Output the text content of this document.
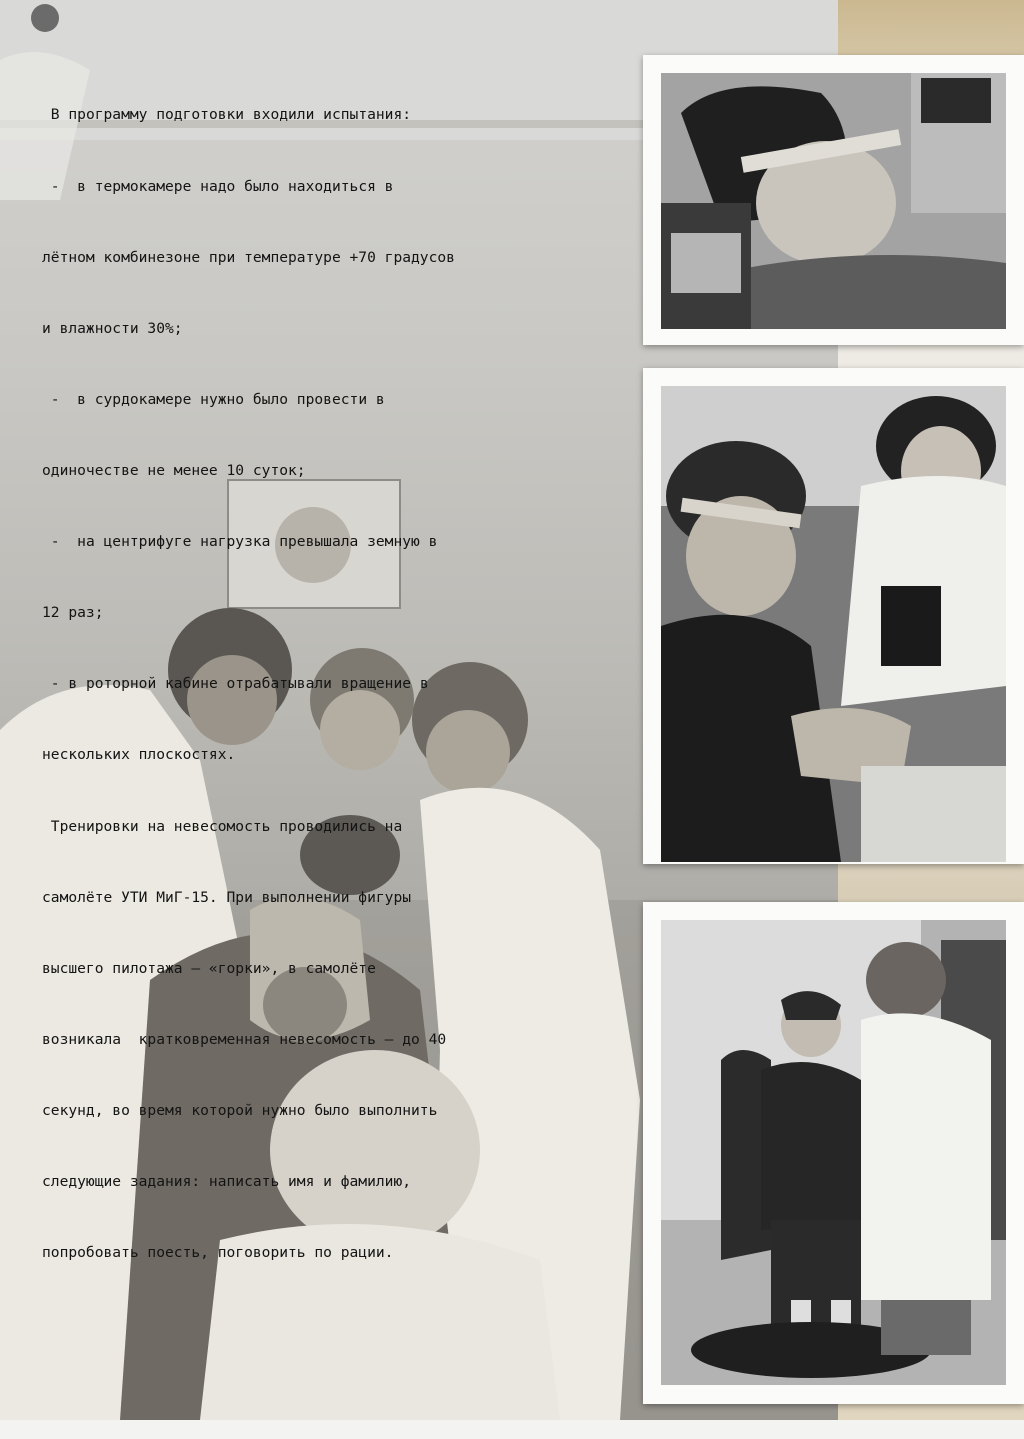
В программу подготовки входили испытания:

-  в термокамере надо было находиться в

лётном комбинезоне при температуре +70 градусов

и влажности 30%;

-  в сурдокамере нужно было провести в

одиночестве не менее 10 суток;

-  на центрифуге нагрузка превышала земную в

12 раз;

- в роторной кабине отрабатывали вращение в

нескольких плоскостях.

Тренировки на невесомость проводились на

самолёте УТИ МиГ-15. При выполнении фигуры

высшего пилотажа – «горки», в самолёте

возникала  кратковременная невесомость – до 40

секунд, во время которой нужно было выполнить

следующие задания: написать имя и фамилию,

попробовать поесть, поговорить по рации.
